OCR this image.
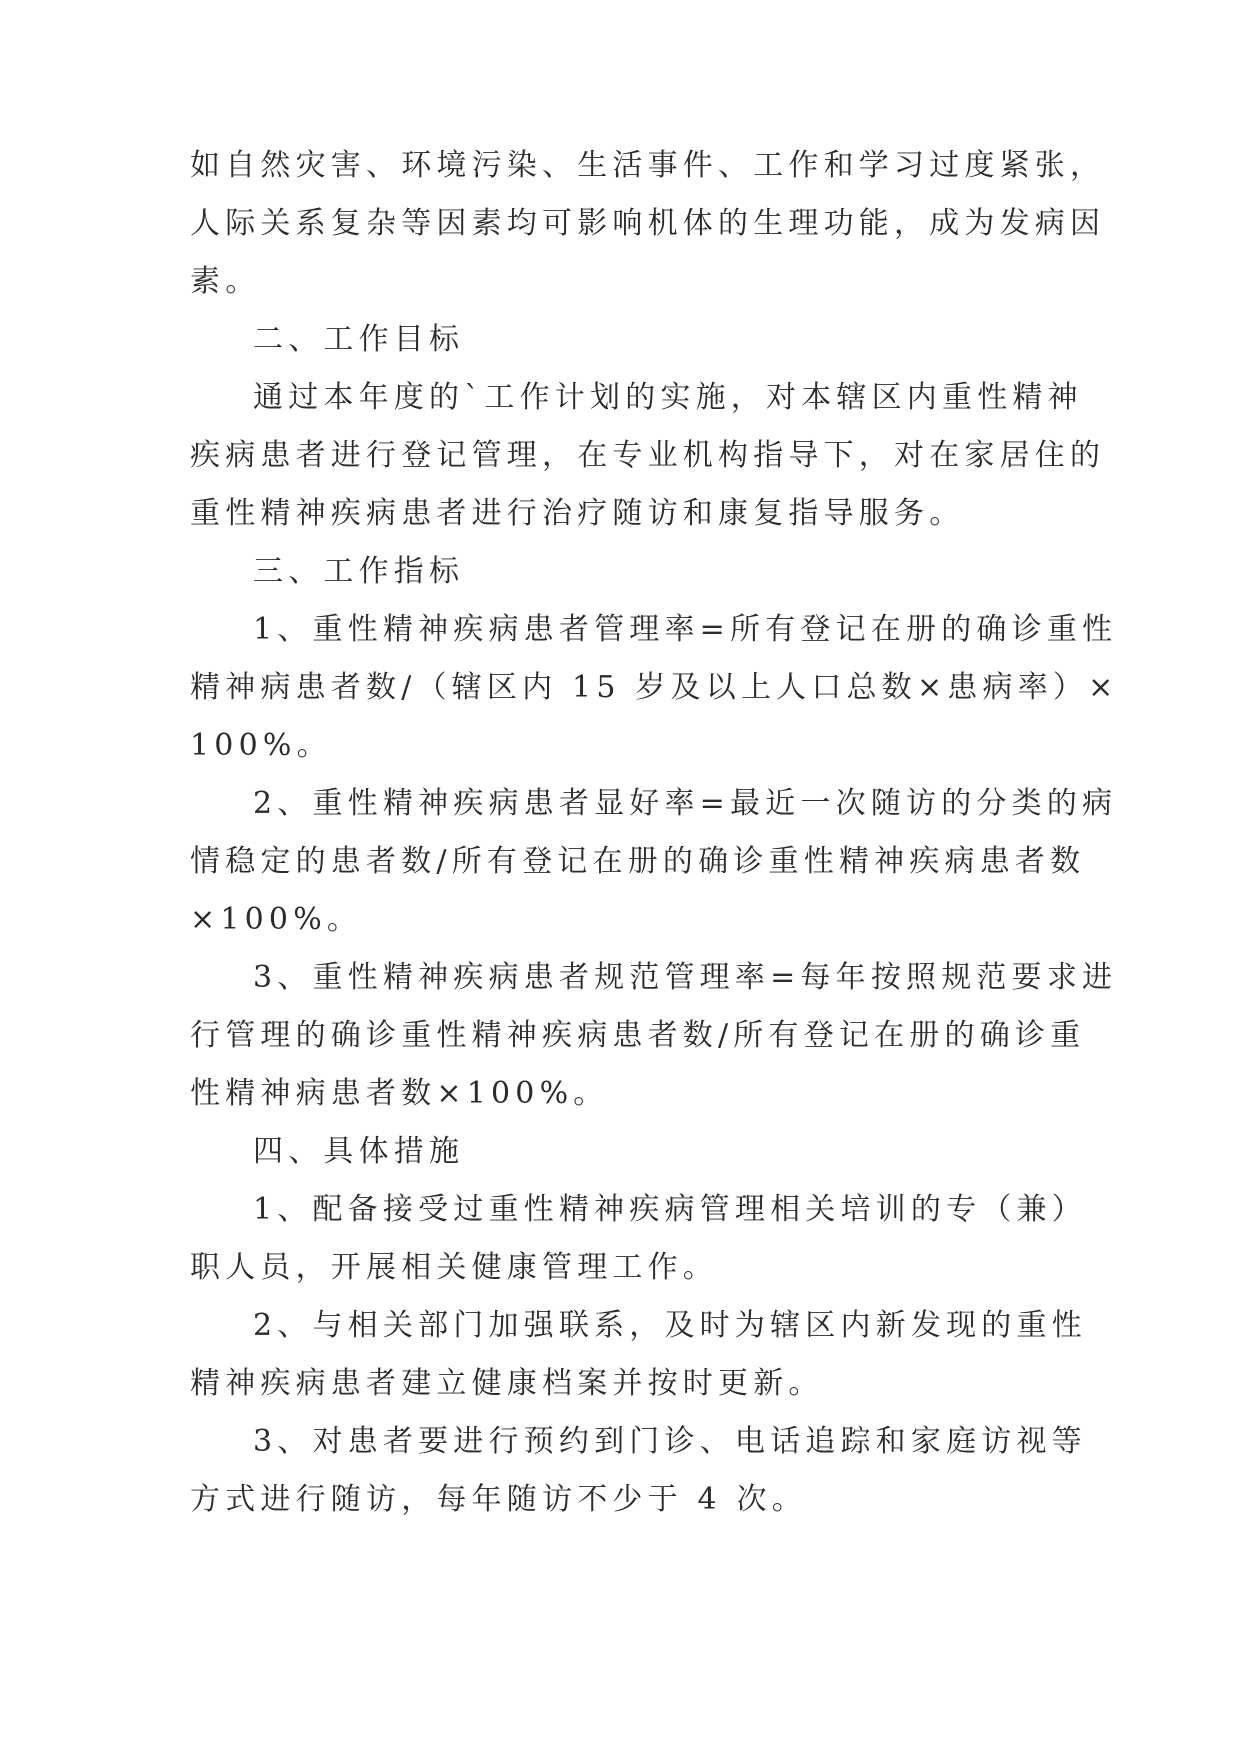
如自然灾害、环境污染、生活事件、工作和学习过度紧张，

人际关系复杂等因素均可影响机体的生理功能，成为发病因

素。

二、工作目标

通过本年度的`工作计划的实施，对本辖区内重性精神

疾病患者进行登记管理，在专业机构指导下，对在家居住的

重性精神疾病患者进行治疗随访和康复指导服务。

三、工作指标

1、重性精神疾病患者管理率=所有登记在册的确诊重性

精神病患者数/（辖区内 15 岁及以上人口总数×患病率）×

100%。

2、重性精神疾病患者显好率=最近一次随访的分类的病

情稳定的患者数/所有登记在册的确诊重性精神疾病患者数

×100%。

3、重性精神疾病患者规范管理率=每年按照规范要求进

行管理的确诊重性精神疾病患者数/所有登记在册的确诊重

性精神病患者数×100%。

四、具体措施

1、配备接受过重性精神疾病管理相关培训的专（兼）

职人员，开展相关健康管理工作。

2、与相关部门加强联系，及时为辖区内新发现的重性

精神疾病患者建立健康档案并按时更新。

3、对患者要进行预约到门诊、电话追踪和家庭访视等

方式进行随访，每年随访不少于 4 次。
